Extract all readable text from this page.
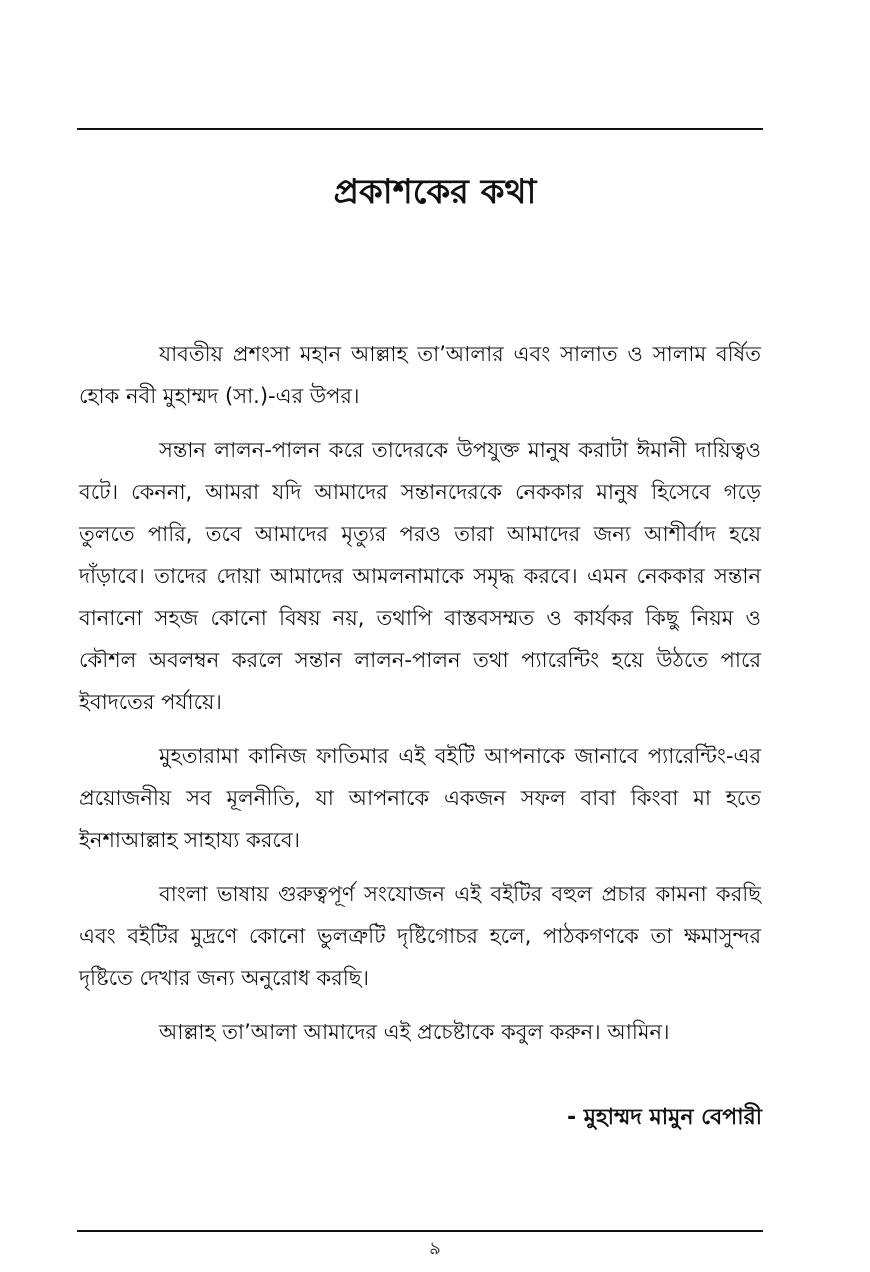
প্রকাশকের কথা

যাবতীয় প্রশংসা মহান আল্লাহ তা’আলার এবং সালাত ও সালাম বর্ষিত হোক নবী মুহাম্মদ (সা.)-এর উপর।

সন্তান লালন-পালন করে তাদেরকে উপযুক্ত মানুষ করাটা ঈমানী দায়িত্বও বটে। কেননা, আমরা যদি আমাদের সন্তানদেরকে নেককার মানুষ হিসেবে গড়ে তুলতে পারি, তবে আমাদের মৃত্যুর পরও তারা আমাদের জন্য আশীর্বাদ হয়ে দাঁড়াবে। তাদের দোয়া আমাদের আমলনামাকে সমৃদ্ধ করবে। এমন নেককার সন্তান বানানো সহজ কোনো বিষয় নয়, তথাপি বাস্তবসম্মত ও কার্যকর কিছু নিয়ম ও কৌশল অবলম্বন করলে সন্তান লালন-পালন তথা প্যারেন্টিং হয়ে উঠতে পারে ইবাদতের পর্যায়ে।

মুহতারামা কানিজ ফাতিমার এই বইটি আপনাকে জানাবে প্যারেন্টিং-এর প্রয়োজনীয় সব মূলনীতি, যা আপনাকে একজন সফল বাবা কিংবা মা হতে ইনশাআল্লাহ সাহায্য করবে।

বাংলা ভাষায় গুরুত্বপূর্ণ সংযোজন এই বইটির বহুল প্রচার কামনা করছি এবং বইটির মুদ্রণে কোনো ভুলত্রুটি দৃষ্টিগোচর হলে, পাঠকগণকে তা ক্ষমাসুন্দর দৃষ্টিতে দেখার জন্য অনুরোধ করছি।

আল্লাহ তা’আলা আমাদের এই প্রচেষ্টাকে কবুল করুন। আমিন।

- মুহাম্মদ মামুন বেপারী
৯
